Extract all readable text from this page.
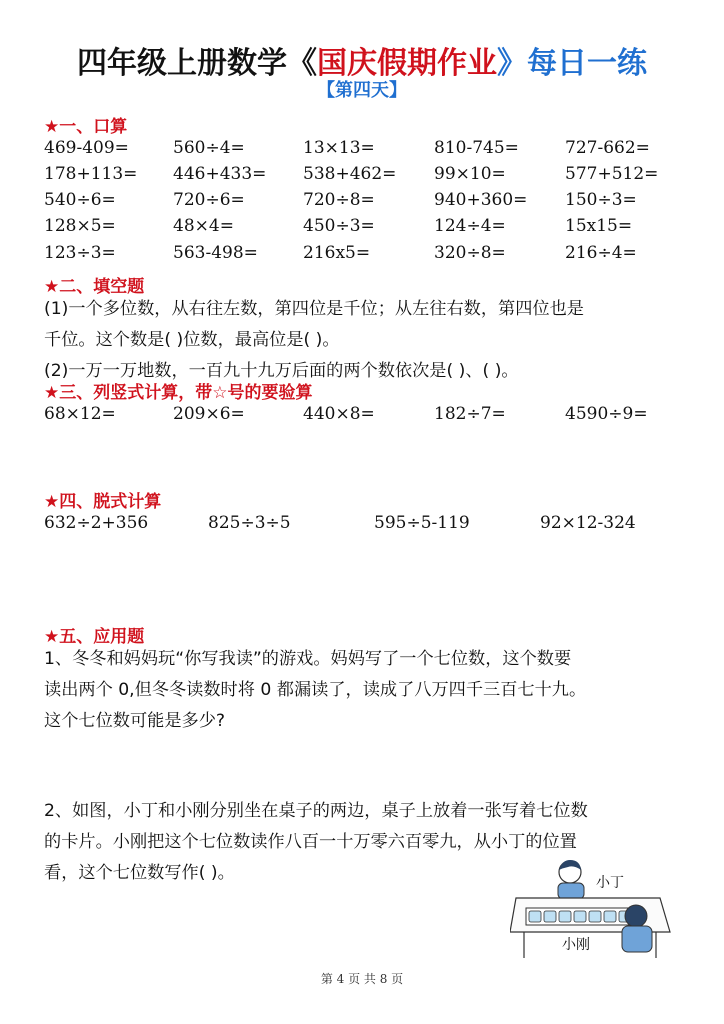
四年级上册数学《国庆假期作业》每日一练
【第四天】
★一、口算
469-409=	560÷4=	13×13=	810-745=	727-662=
178+113= 446+433= 538+462= 99×10=	577+512=
540÷6=	720÷6=	720÷8=	940+360= 150÷3=
128×5=	48×4=	450÷3=	124÷4=	15x15=
123÷3=	563-498=	216x5=	320÷8=	216÷4=
★二、填空题
(1)一个多位数，从右往左数，第四位是千位；从左往右数，第四位也是
千位。这个数是( )位数，最高位是( )。
(2)一万一万地数，一百九十九万后面的两个数依次是( )、( )。
★三、列竖式计算，带☆号的要验算
68×12=	209×6=	440×8=	182÷7=	4590÷9=
★四、脱式计算
632÷2+356	825÷3÷5	595÷5-119	92×12-324
★五、应用题
1、冬冬和妈妈玩“你写我读”的游戏。妈妈写了一个七位数，这个数要
读出两个 0,但冬冬读数时将 0 都漏读了，读成了八万四千三百七十九。
这个七位数可能是多少?
2、如图，小丁和小刚分别坐在桌子的两边，桌子上放着一张写着七位数
的卡片。小刚把这个七位数读作八百一十万零六百零九，从小丁的位置
看，这个七位数写作( )。	小丁
小刚
第 4 页 共 8 页
